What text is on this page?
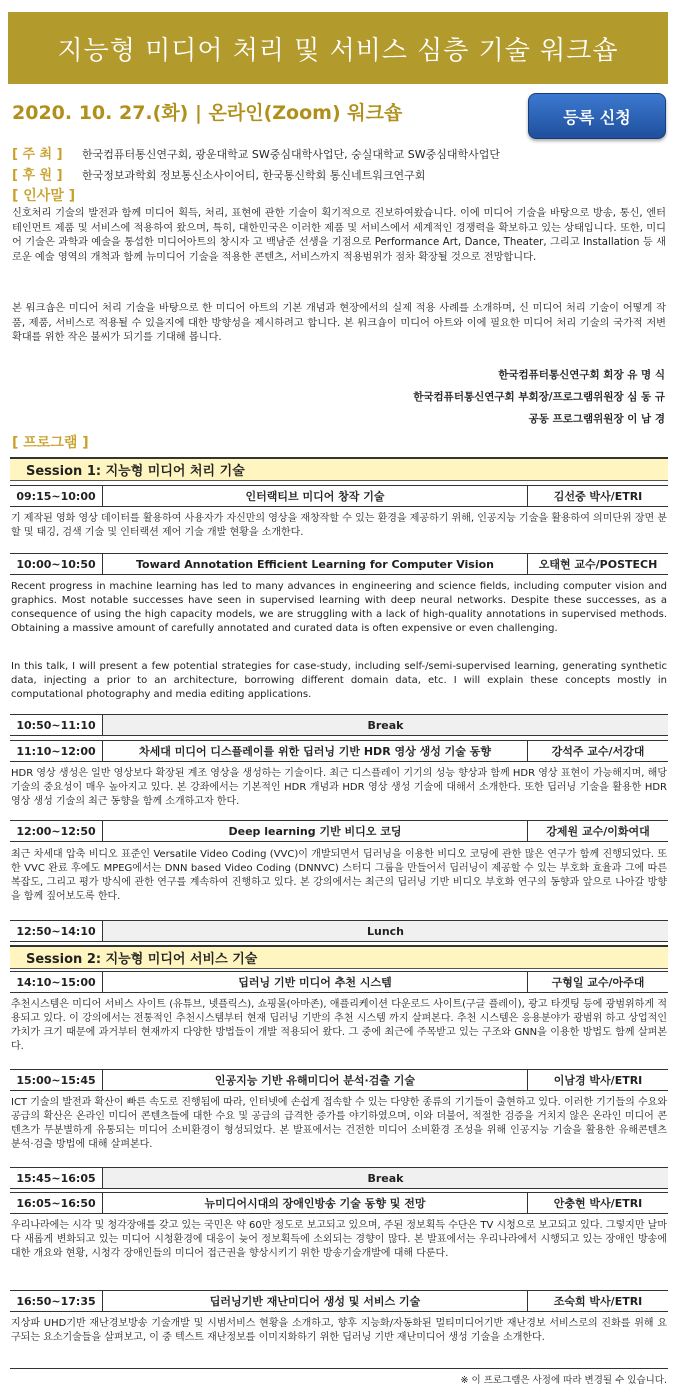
지능형 미디어 처리 및 서비스 심층 기술 워크숍
2020. 10. 27.(화) | 온라인(Zoom) 워크숍	등록 신청
[ 주 최 ] 한국컴퓨터통신연구회, 광운대학교 SW중심대학사업단, 숭실대학교 SW중심대학사업단
[ 후 원 ] 한국정보과학회 정보통신소사이어티, 한국통신학회 통신네트워크연구회
[ 인사말 ]
신호처리 기술의 발전과 함께 미디어 획득, 처리, 표현에 관한 기술이 획기적으로 진보하여왔습니다. 이에 미디어 기술을 바탕으로 방송, 통신, 엔터테인먼트 제품 및 서비스에 적용하여 왔으며, 특히, 대한민국은 이러한 제품 및 서비스에서 세계적인 경쟁력을 확보하고 있는 상태입니다. 또한, 미디어 기술은 과학과 예술을 통섭한 미디어아트의 창시자 고 백남준 선생을 기점으로 Performance Art, Dance, Theater, 그리고 Installation 등 새로운 예술 영역의 개척과 함께 뉴미디어 기술을 적용한 콘텐츠, 서비스까지 적용범위가 점차 확장될 것으로 전망합니다.
본 워크숍은 미디어 처리 기술을 바탕으로 한 미디어 아트의 기본 개념과 현장에서의 실제 적용 사례를 소개하며, 신 미디어 처리 기술이 어떻게 작품, 제품, 서비스로 적용될 수 있을지에 대한 방향성을 제시하려고 합니다. 본 워크숍이 미디어 아트와 이에 필요한 미디어 처리 기술의 국가적 저변 확대를 위한 작은 불씨가 되기를 기대해 봅니다.
한국컴퓨터통신연구회 회장 유 명 식
한국컴퓨터통신연구회 부회장/프로그램위원장 심 동 규
공동 프로그램위원장 이 남 경
[ 프로그램 ]
Session 1: 지능형 미디어 처리 기술
09:15~10:00	인터랙티브 미디어 창작 기술	김선중 박사/ETRI
기 제작된 영화 영상 데이터를 활용하여 사용자가 자신만의 영상을 재창작할 수 있는 환경을 제공하기 위해, 인공지능 기술을 활용하여 의미단위 장면 분할 및 태깅, 검색 기술 및 인터랙션 제어 기술 개발 현황을 소개한다.
10:00~10:50	Toward Annotation Efficient Learning for Computer Vision	오태현 교수/POSTECH
Recent progress in machine learning has led to many advances in engineering and science fields, including computer vision and graphics. Most notable successes have seen in supervised learning with deep neural networks. Despite these successes, as a consequence of using the high capacity models, we are struggling with a lack of high-quality annotations in supervised methods. Obtaining a massive amount of carefully annotated and curated data is often expensive or even challenging.
In this talk, I will present a few potential strategies for case-study, including self-/semi-supervised learning, generating synthetic data, injecting a prior to an architecture, borrowing different domain data, etc. I will explain these concepts mostly in computational photography and media editing applications.
10:50~11:10	Break
11:10~12:00	차세대 미디어 디스플레이를 위한 딥러닝 기반 HDR 영상 생성 기술 동향	강석주 교수/서강대
HDR 영상 생성은 일반 영상보다 확장된 계조 영상을 생성하는 기술이다. 최근 디스플레이 기기의 성능 향상과 함께 HDR 영상 표현이 가능해지며, 해당 기술의 중요성이 매우 높아지고 있다. 본 강좌에서는 기본적인 HDR 개념과 HDR 영상 생성 기술에 대해서 소개한다. 또한 딥러닝 기술을 활용한 HDR 영상 생성 기술의 최근 동향을 함께 소개하고자 한다.
12:00~12:50	Deep learning 기반 비디오 코딩	강제원 교수/이화여대
최근 차세대 압축 비디오 표준인 Versatile Video Coding (VVC)이 개발되면서 딥러닝을 이용한 비디오 코딩에 관한 많은 연구가 함께 진행되었다. 또한 VVC 완료 후에도 MPEG에서는 DNN based Video Coding (DNNVC) 스터디 그룹을 만들어서 딥러닝이 제공할 수 있는 부호화 효율과 그에 따른 복잡도, 그리고 평가 방식에 관한 연구를 계속하여 진행하고 있다. 본 강의에서는 최근의 딥러닝 기반 비디오 부호화 연구의 동향과 앞으로 나아갈 방향을 함께 짚어보도록 한다.
12:50~14:10	Lunch
Session 2: 지능형 미디어 서비스 기술
14:10~15:00	딥러닝 기반 미디어 추천 시스템	구형일 교수/아주대
추천시스템은 미디어 서비스 사이트 (유튜브, 넷플릭스), 쇼핑몰(아마존), 애플리케이션 다운로드 사이트(구글 플레이), 광고 타겟팅 등에 광범위하게 적용되고 있다. 이 강의에서는 전통적인 추천시스템부터 현재 딥러닝 기반의 추천 시스템 까지 살펴본다. 추천 시스템은 응용분야가 광범위 하고 상업적인 가치가 크기 때문에 과거부터 현재까지 다양한 방법들이 개발 적용되어 왔다. 그 중에 최근에 주목받고 있는 구조와 GNN을 이용한 방법도 함께 살펴본다.
15:00~15:45	인공지능 기반 유해미디어 분석·검출 기술	이남경 박사/ETRI
ICT 기술의 발전과 확산이 빠른 속도로 진행됨에 따라, 인터넷에 손쉽게 접속할 수 있는 다양한 종류의 기기들이 출현하고 있다. 이러한 기기들의 수요와 공급의 확산은 온라인 미디어 콘텐츠들에 대한 수요 및 공급의 급격한 증가를 야기하였으며, 이와 더불어, 적절한 검증을 거치지 않은 온라인 미디어 콘텐츠가 무분별하게 유통되는 미디어 소비환경이 형성되었다. 본 발표에서는 건전한 미디어 소비환경 조성을 위해 인공지능 기술을 활용한 유해콘텐츠 분석·검출 방법에 대해 살펴본다.
15:45~16:05	Break
16:05~16:50	뉴미디어시대의 장애인방송 기술 동향 및 전망	안충현 박사/ETRI
우리나라에는 시각 및 청각장애를 갖고 있는 국민은 약 60만 정도로 보고되고 있으며, 주된 정보획득 수단은 TV 시청으로 보고되고 있다. 그렇지만 날마다 새롭게 변화되고 있는 미디어 시청환경에 대응이 늦어 정보획득에 소외되는 경향이 많다. 본 발표에서는 우리나라에서 시행되고 있는 장애인 방송에 대한 개요와 현황, 시청각 장애인들의 미디어 접근권을 향상시키기 위한 방송기술개발에 대해 다룬다.
16:50~17:35	딥러닝기반 재난미디어 생성 및 서비스 기술	조숙희 박사/ETRI
지상파 UHD기반 재난경보방송 기술개발 및 시범서비스 현황을 소개하고, 향후 지능화/자동화된 멀티미디어기반 재난경보 서비스로의 진화를 위해 요구되는 요소기술들을 살펴보고, 이 중 텍스트 재난정보를 이미지화하기 위한 딥러닝 기반 재난미디어 생성 기술을 소개한다.
※ 이 프로그램은 사정에 따라 변경될 수 있습니다.
